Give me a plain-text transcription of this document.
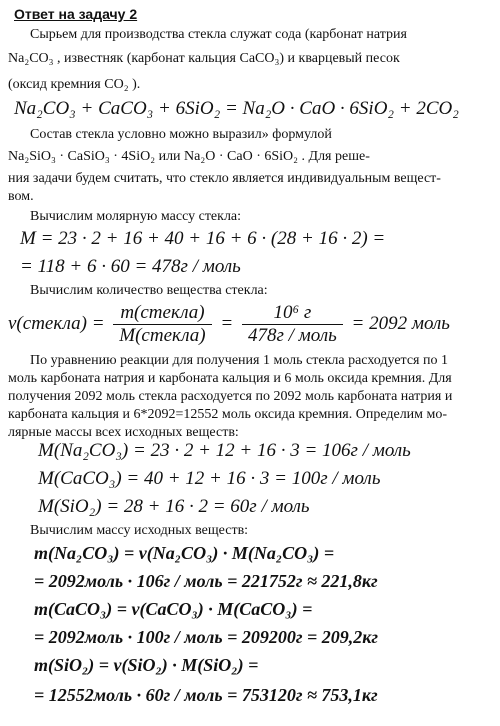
Ответ на задачу 2
Сырьем для производства стекла служат сода (карбонат натрия
Na₂CO₃ , известняк (карбонат кальция CaCO₃) и кварцевый песок
(оксид кремния CO₂ ).
Na₂CO₃ + CaCO₃ + 6SiO₂ = Na₂O · CaO · 6SiO₂ + 2CO₂
Состав стекла условно можно выразил» формулой
Na₂SiO₃ · CaSiO₃ · 4SiO₂ или Na₂O · CaO · 6SiO₂ . Для реше-
ния задачи будем считать, что стекло является индивидуальным вещест-
вом.
Вычислим молярную массу стекла:
M = 23 · 2 + 16 + 40 + 16 + 6 · (28 + 16 · 2) =
= 118 + 6 · 60 = 478г / моль
Вычислим количество вещества стекла:
ν(стекла) = $\frac{\text{m(стекла)}}{\text{M(стекла)}} = \frac{\text{10⁶ г}}{\text{478г / моль}} = 2092$ моль
По уравнению реакции для получения 1 моль стекла расходуется по 1
моль карбоната натрия и карбоната кальция и 6 моль оксида кремния. Для
получения 2092 моль стекла расходуется по 2092 моль карбоната натрия и
карбоната кальция и 6*2092=12552 моль оксида кремния. Определим мо-
лярные массы всех исходных веществ:
M(Na₂CO₃) = 23 · 2 + 12 + 16 · 3 = 106г / моль
M(CaCO₃) = 40 + 12 + 16 · 3 = 100г / моль
M(SiO₂) = 28 + 16 · 2 = 60г / моль
Вычислим массу исходных веществ:
m(Na₂CO₃) = ν(Na₂CO₃) · M(Na₂CO₃) =
= 2092моль · 106г / моль = 221752г ≈ 221,8кг
m(CaCO₃) = ν(CaCO₃) · M(CaCO₃) =
= 2092моль · 100г / моль = 209200г = 209,2кг
m(SiO₂) = ν(SiO₂) · M(SiO₂) =
= 12552моль · 60г / моль = 753120г ≈ 753,1кг
